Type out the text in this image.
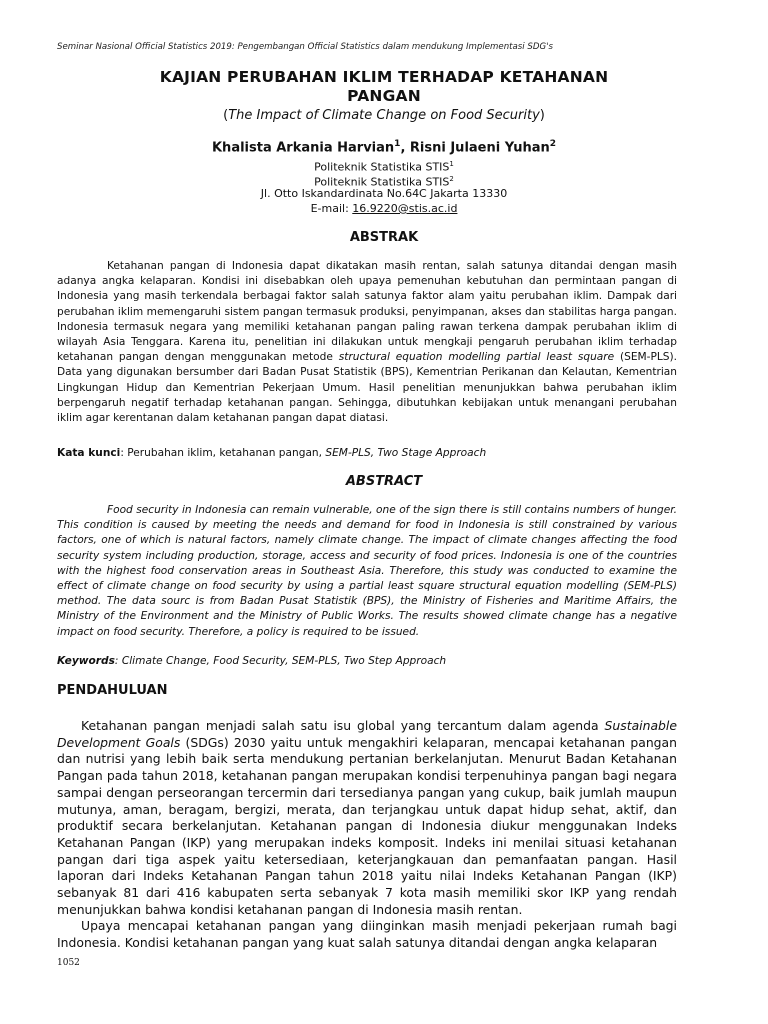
Seminar Nasional Official Statistics 2019: Pengembangan Official Statistics dalam mendukung Implementasi SDG's
KAJIAN PERUBAHAN IKLIM TERHADAP KETAHANAN
PANGAN
(The Impact of Climate Change on Food Security)
Khalista Arkania Harvian$^1$, Risni Julaeni Yuhan$^2$
Politeknik Statistika STIS$^1$
Politeknik Statistika STIS$^2$
Jl. Otto Iskandardinata No.64C Jakarta 13330
E-mail: 16.9220@stis.ac.id
ABSTRAK

Ketahanan pangan di Indonesia dapat dikatakan masih rentan, salah satunya ditandai dengan masih adanya angka kelaparan. Kondisi ini disebabkan oleh upaya pemenuhan kebutuhan dan permintaan pangan di Indonesia yang masih terkendala berbagai faktor salah satunya faktor alam yaitu perubahan iklim. Dampak dari perubahan iklim memengaruhi sistem pangan termasuk produksi, penyimpanan, akses dan stabilitas harga pangan. Indonesia termasuk negara yang memiliki ketahanan pangan paling rawan terkena dampak perubahan iklim di wilayah Asia Tenggara. Karena itu, penelitian ini dilakukan untuk mengkaji pengaruh perubahan iklim terhadap ketahanan pangan dengan menggunakan metode structural equation modelling partial least square (SEM-PLS). Data yang digunakan bersumber dari Badan Pusat Statistik (BPS), Kementrian Perikanan dan Kelautan, Kementrian Lingkungan Hidup dan Kementrian Pekerjaan Umum. Hasil penelitian menunjukkan bahwa perubahan iklim berpengaruh negatif terhadap ketahanan pangan. Sehingga, dibutuhkan kebijakan untuk menangani perubahan iklim agar kerentanan dalam ketahanan pangan dapat diatasi.

Kata kunci: Perubahan iklim, ketahanan pangan, SEM-PLS, Two Stage Approach
ABSTRACT

Food security in Indonesia can remain vulnerable, one of the sign there is still contains numbers of hunger. This condition is caused by meeting the needs and demand for food in Indonesia is still constrained by various factors, one of which is natural factors, namely climate change. The impact of climate changes affecting the food security system including production, storage, access and security of food prices. Indonesia is one of the countries with the highest food conservation areas in Southeast Asia. Therefore, this study was conducted to examine the effect of climate change on food security by using a partial least square structural equation modelling (SEM-PLS) method. The data sourc is from Badan Pusat Statistik (BPS), the Ministry of Fisheries and Maritime Affairs, the Ministry of the Environment and the Ministry of Public Works. The results showed climate change has a negative impact on food security. Therefore, a policy is required to be issued.

Keywords: Climate Change, Food Security, SEM-PLS, Two Step Approach
PENDAHULUAN

Ketahanan pangan menjadi salah satu isu global yang tercantum dalam agenda Sustainable Development Goals (SDGs) 2030 yaitu untuk mengakhiri kelaparan, mencapai ketahanan pangan dan nutrisi yang lebih baik serta mendukung pertanian berkelanjutan. Menurut Badan Ketahanan Pangan pada tahun 2018, ketahanan pangan merupakan kondisi terpenuhinya pangan bagi negara sampai dengan perseorangan tercermin dari tersedianya pangan yang cukup, baik jumlah maupun mutunya, aman, beragam, bergizi, merata, dan terjangkau untuk dapat hidup sehat, aktif, dan produktif secara berkelanjutan. Ketahanan pangan di Indonesia diukur menggunakan Indeks Ketahanan Pangan (IKP) yang merupakan indeks komposit. Indeks ini menilai situasi ketahanan pangan dari tiga aspek yaitu ketersediaan, keterjangkauan dan pemanfaatan pangan. Hasil laporan dari Indeks Ketahanan Pangan tahun 2018 yaitu nilai Indeks Ketahanan Pangan (IKP) sebanyak 81 dari 416 kabupaten serta sebanyak 7 kota masih memiliki skor IKP yang rendah menunjukkan bahwa kondisi ketahanan pangan di Indonesia masih rentan.

Upaya mencapai ketahanan pangan yang diinginkan masih menjadi pekerjaan rumah bagi Indonesia. Kondisi ketahanan pangan yang kuat salah satunya ditandai dengan angka kelaparan

1052
